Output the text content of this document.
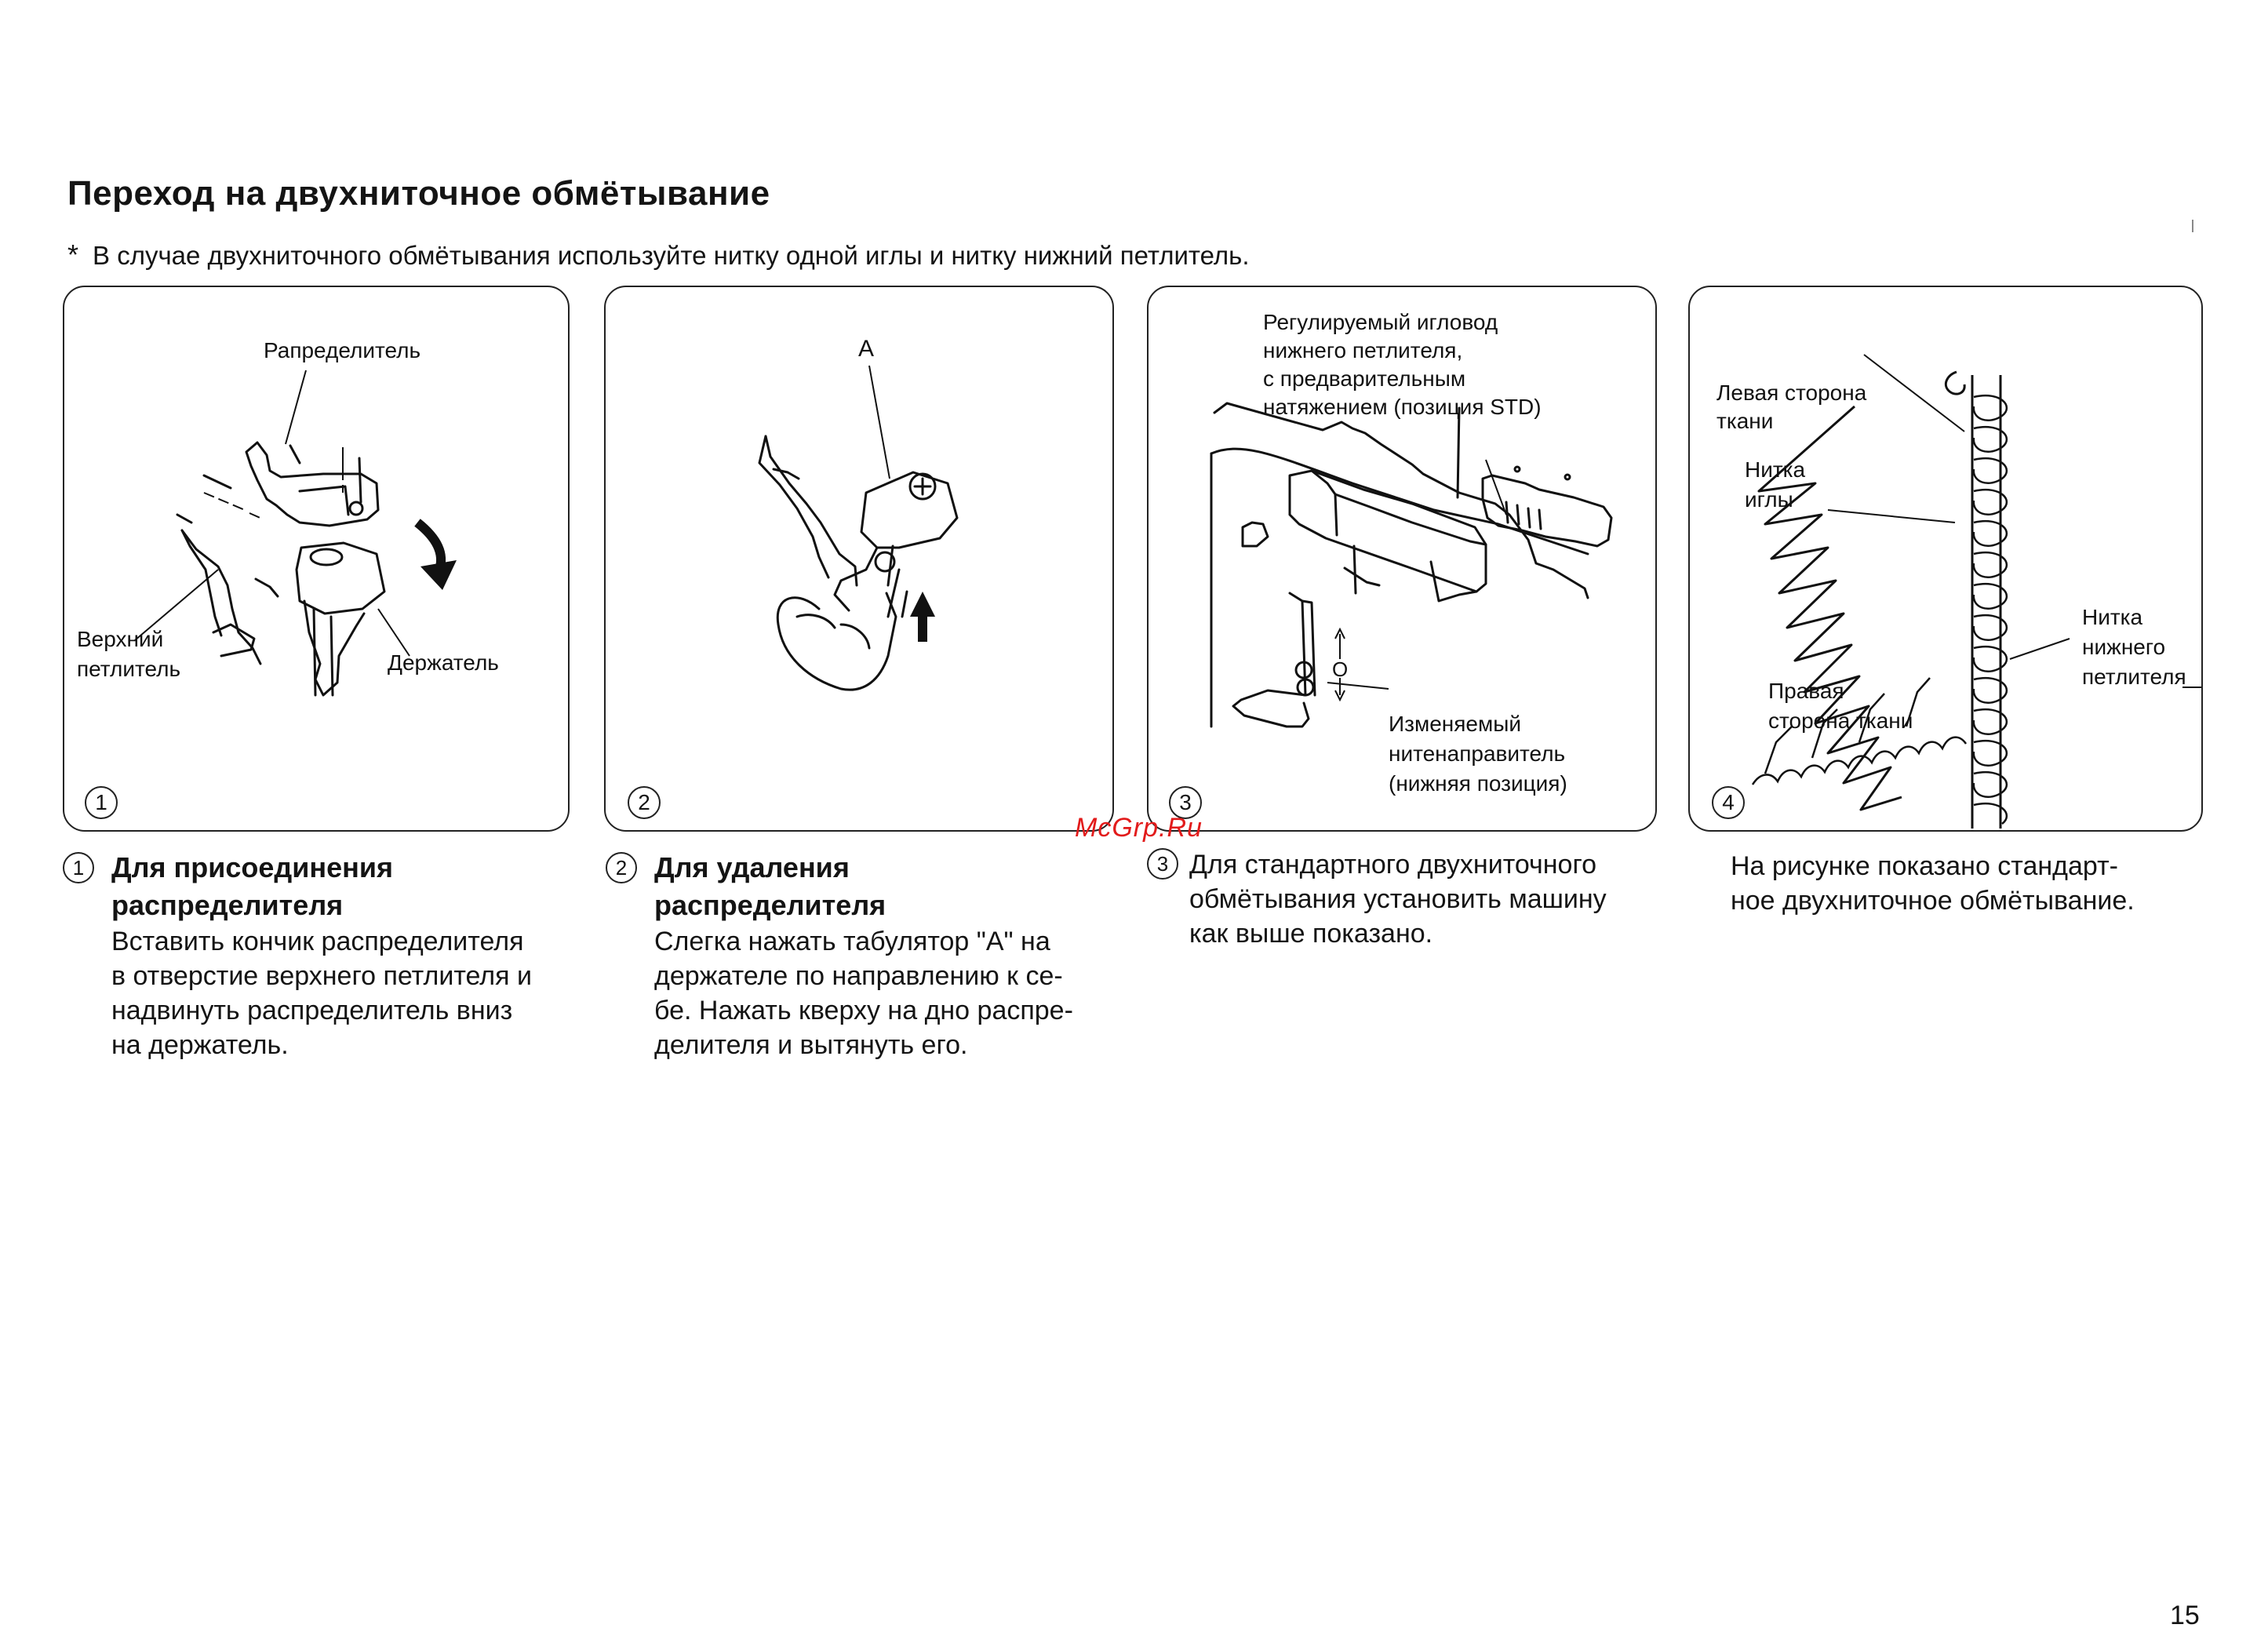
Переход на двухниточное обмётывание
* В случае двухниточного обмётывания используйте нитку одной иглы и нитку нижний петлитель.
Рапределитель
Верхний
петлитель	Держатель
1
A
2
Регулируемый игловод
нижнего петлителя,
с предварительным
натяжением (позиция STD)
O
Изменяемый
нитенаправитель
(нижняя позиция)
3
Левая сторона
ткани
Нитка
иглы
Правая
сторона ткани
Нитка
нижнего
петлителя
4
1 Для присоединения
распределителя
Вставить кончик распределителя
в отверстие верхнего петлителя и
надвинуть распределитель вниз
на держатель.
2 Для удаления
распределителя
Слегка нажать табулятор "А" на
держателе по направлению к се-
бе. Нажать кверху на дно распре-
делителя и вытянуть его.
3 Для стандартного двухниточного
обмётывания установить машину
как выше показано.
На рисунке показано стандарт-
ное двухниточное обмётывание.
McGrp.Ru
15
